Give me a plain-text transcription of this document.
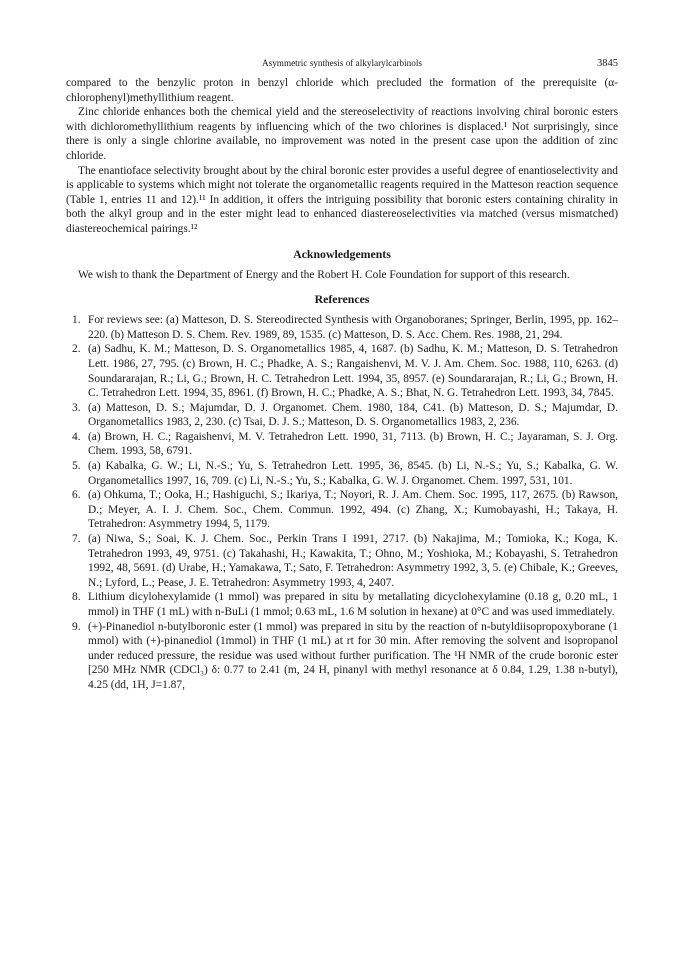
Asymmetric synthesis of alkylarylcarbinols	3845

compared to the benzylic proton in benzyl chloride which precluded the formation of the prerequisite (α-chlorophenyl)methyllithium reagent.

Zinc chloride enhances both the chemical yield and the stereoselectivity of reactions involving chiral boronic esters with dichloromethyllithium reagents by influencing which of the two chlorines is displaced.¹ Not surprisingly, since there is only a single chlorine available, no improvement was noted in the present case upon the addition of zinc chloride.

The enantioface selectivity brought about by the chiral boronic ester provides a useful degree of enantioselectivity and is applicable to systems which might not tolerate the organometallic reagents required in the Matteson reaction sequence (Table 1, entries 11 and 12).¹¹ In addition, it offers the intriguing possibility that boronic esters containing chirality in both the alkyl group and in the ester might lead to enhanced diastereoselectivities via matched (versus mismatched) diastereochemical pairings.¹²

Acknowledgements

We wish to thank the Department of Energy and the Robert H. Cole Foundation for support of this research.

References
1. For reviews see: (a) Matteson, D. S. Stereodirected Synthesis with Organoboranes; Springer, Berlin, 1995, pp. 162–220. (b) Matteson D. S. Chem. Rev. 1989, 89, 1535. (c) Matteson, D. S. Acc. Chem. Res. 1988, 21, 294.
2. (a) Sadhu, K. M.; Matteson, D. S. Organometallics 1985, 4, 1687. (b) Sadhu, K. M.; Matteson, D. S. Tetrahedron Lett. 1986, 27, 795. (c) Brown, H. C.; Phadke, A. S.; Rangaishenvi, M. V. J. Am. Chem. Soc. 1988, 110, 6263. (d) Soundararajan, R.; Li, G.; Brown, H. C. Tetrahedron Lett. 1994, 35, 8957. (e) Soundararajan, R.; Li, G.; Brown, H. C. Tetrahedron Lett. 1994, 35, 8961. (f) Brown, H. C.; Phadke, A. S.; Bhat, N. G. Tetrahedron Lett. 1993, 34, 7845.
3. (a) Matteson, D. S.; Majumdar, D. J. Organomet. Chem. 1980, 184, C41. (b) Matteson, D. S.; Majumdar, D. Organometallics 1983, 2, 230. (c) Tsai, D. J. S.; Matteson, D. S. Organometallics 1983, 2, 236.
4. (a) Brown, H. C.; Ragaishenvi, M. V. Tetrahedron Lett. 1990, 31, 7113. (b) Brown, H. C.; Jayaraman, S. J. Org. Chem. 1993, 58, 6791.
5. (a) Kabalka, G. W.; Li, N.-S.; Yu, S. Tetrahedron Lett. 1995, 36, 8545. (b) Li, N.-S.; Yu, S.; Kabalka, G. W. Organometallics 1997, 16, 709. (c) Li, N.-S.; Yu, S.; Kabalka, G. W. J. Organomet. Chem. 1997, 531, 101.
6. (a) Ohkuma, T.; Ooka, H.; Hashiguchi, S.; Ikariya, T.; Noyori, R. J. Am. Chem. Soc. 1995, 117, 2675. (b) Rawson, D.; Meyer, A. I. J. Chem. Soc., Chem. Commun. 1992, 494. (c) Zhang, X.; Kumobayashi, H.; Takaya, H. Tetrahedron: Asymmetry 1994, 5, 1179.
7. (a) Niwa, S.; Soai, K. J. Chem. Soc., Perkin Trans I 1991, 2717. (b) Nakajima, M.; Tomioka, K.; Koga, K. Tetrahedron 1993, 49, 9751. (c) Takahashi, H.; Kawakita, T.; Ohno, M.; Yoshioka, M.; Kobayashi, S. Tetrahedron 1992, 48, 5691. (d) Urabe, H.; Yamakawa, T.; Sato, F. Tetrahedron: Asymmetry 1992, 3, 5. (e) Chibale, K.; Greeves, N.; Lyford, L.; Pease, J. E. Tetrahedron: Asymmetry 1993, 4, 2407.
8. Lithium dicylohexylamide (1 mmol) was prepared in situ by metallating dicyclohexylamine (0.18 g, 0.20 mL, 1 mmol) in THF (1 mL) with n-BuLi (1 mmol; 0.63 mL, 1.6 M solution in hexane) at 0°C and was used immediately.
9. (+)-Pinanediol n-butylboronic ester (1 mmol) was prepared in situ by the reaction of n-butyldiisopropoxyborane (1 mmol) with (+)-pinanediol (1mmol) in THF (1 mL) at rt for 30 min. After removing the solvent and isopropanol under reduced pressure, the residue was used without further purification. The ¹H NMR of the crude boronic ester [250 MHz NMR (CDCl₃) δ: 0.77 to 2.41 (m, 24 H, pinanyl with methyl resonance at δ 0.84, 1.29, 1.38 n-butyl), 4.25 (dd, 1H, J=1.87,
